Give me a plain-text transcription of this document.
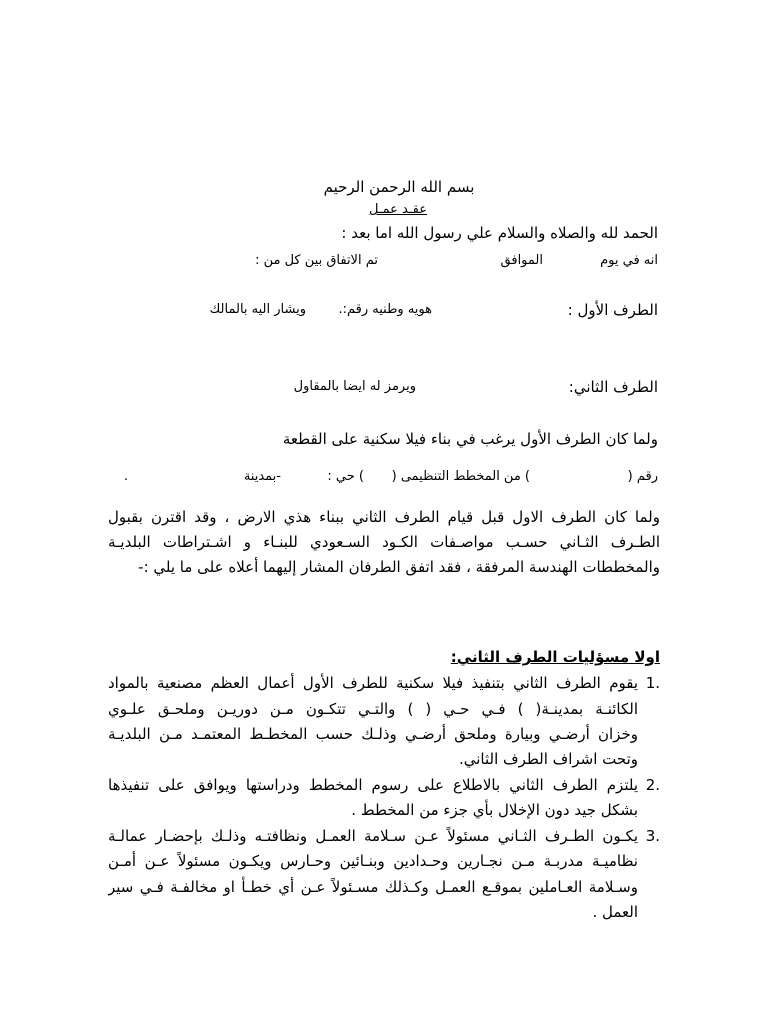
بسم الله الرحمن الرحيم
عقـد عمـل
الحمد لله والصلاه والسلام علي رسول الله اما بعد :
انه في يوم
الموافق
تم الاتفاق بين كل من :
الطرف الأول :
هويه وطنيه رقم:.
ويشار اليه بالمالك
الطرف الثاني:
ويرمز له ايضا بالمقاول
ولما كان الطرف الأول يرغب في بناء فيلا سكنية على القطعة
رقم (
) من المخطط التنظيمى (
) حي :
-بمدينة
.
ولما كان الطرف الاول قبل قيام الطرف الثاني ببناء هذي الارض ، وقد اقترن بقبول
الطـرف الثـاني حسـب مواصـفات الكـود السـعودي للبنـاء و اشـتراطات البلديـة
والمخططات الهندسة المرفقة ، فقد اتفق الطرفان المشار إليهما أعلاه على ما يلي :-
اولا مسؤليات الطرف الثاني:
1.
يقوم الطرف الثاني بتنفيذ فيلا سكنية للطرف الأول أعمال العظم مصنعية بالمواد
الكائنـة بمدينـة( ) فـي حـي ( ) والتـي تتكـون مـن دوريـن وملحـق علـوي
وخزان أرضـي وبيارة وملحق أرضـي وذلـك حسب المخطـط المعتمـد مـن البلديـة
وتحت اشراف الطرف الثاني.
2.
يلتزم الطرف الثاني بالاطلاع على رسوم المخطط ودراستها ويوافق على تنفيذها
بشكل جيد دون الإخلال بأي جزء من المخطط .
3.
يكـون الطـرف الثـاني مسئولاً عـن سـلامة العمـل ونظافتـه وذلـك بإحضـار عمالـة
نظاميـة مدربـة مـن نجـارين وحـدادين وبنـائين وحـارس ويكـون مسئولاً عـن أمـن
وسـلامة العـاملين بموقـع العمـل وكـذلك مسـئولاً عـن أي خطـأ او مخالفـة فـي سير
العمل .
